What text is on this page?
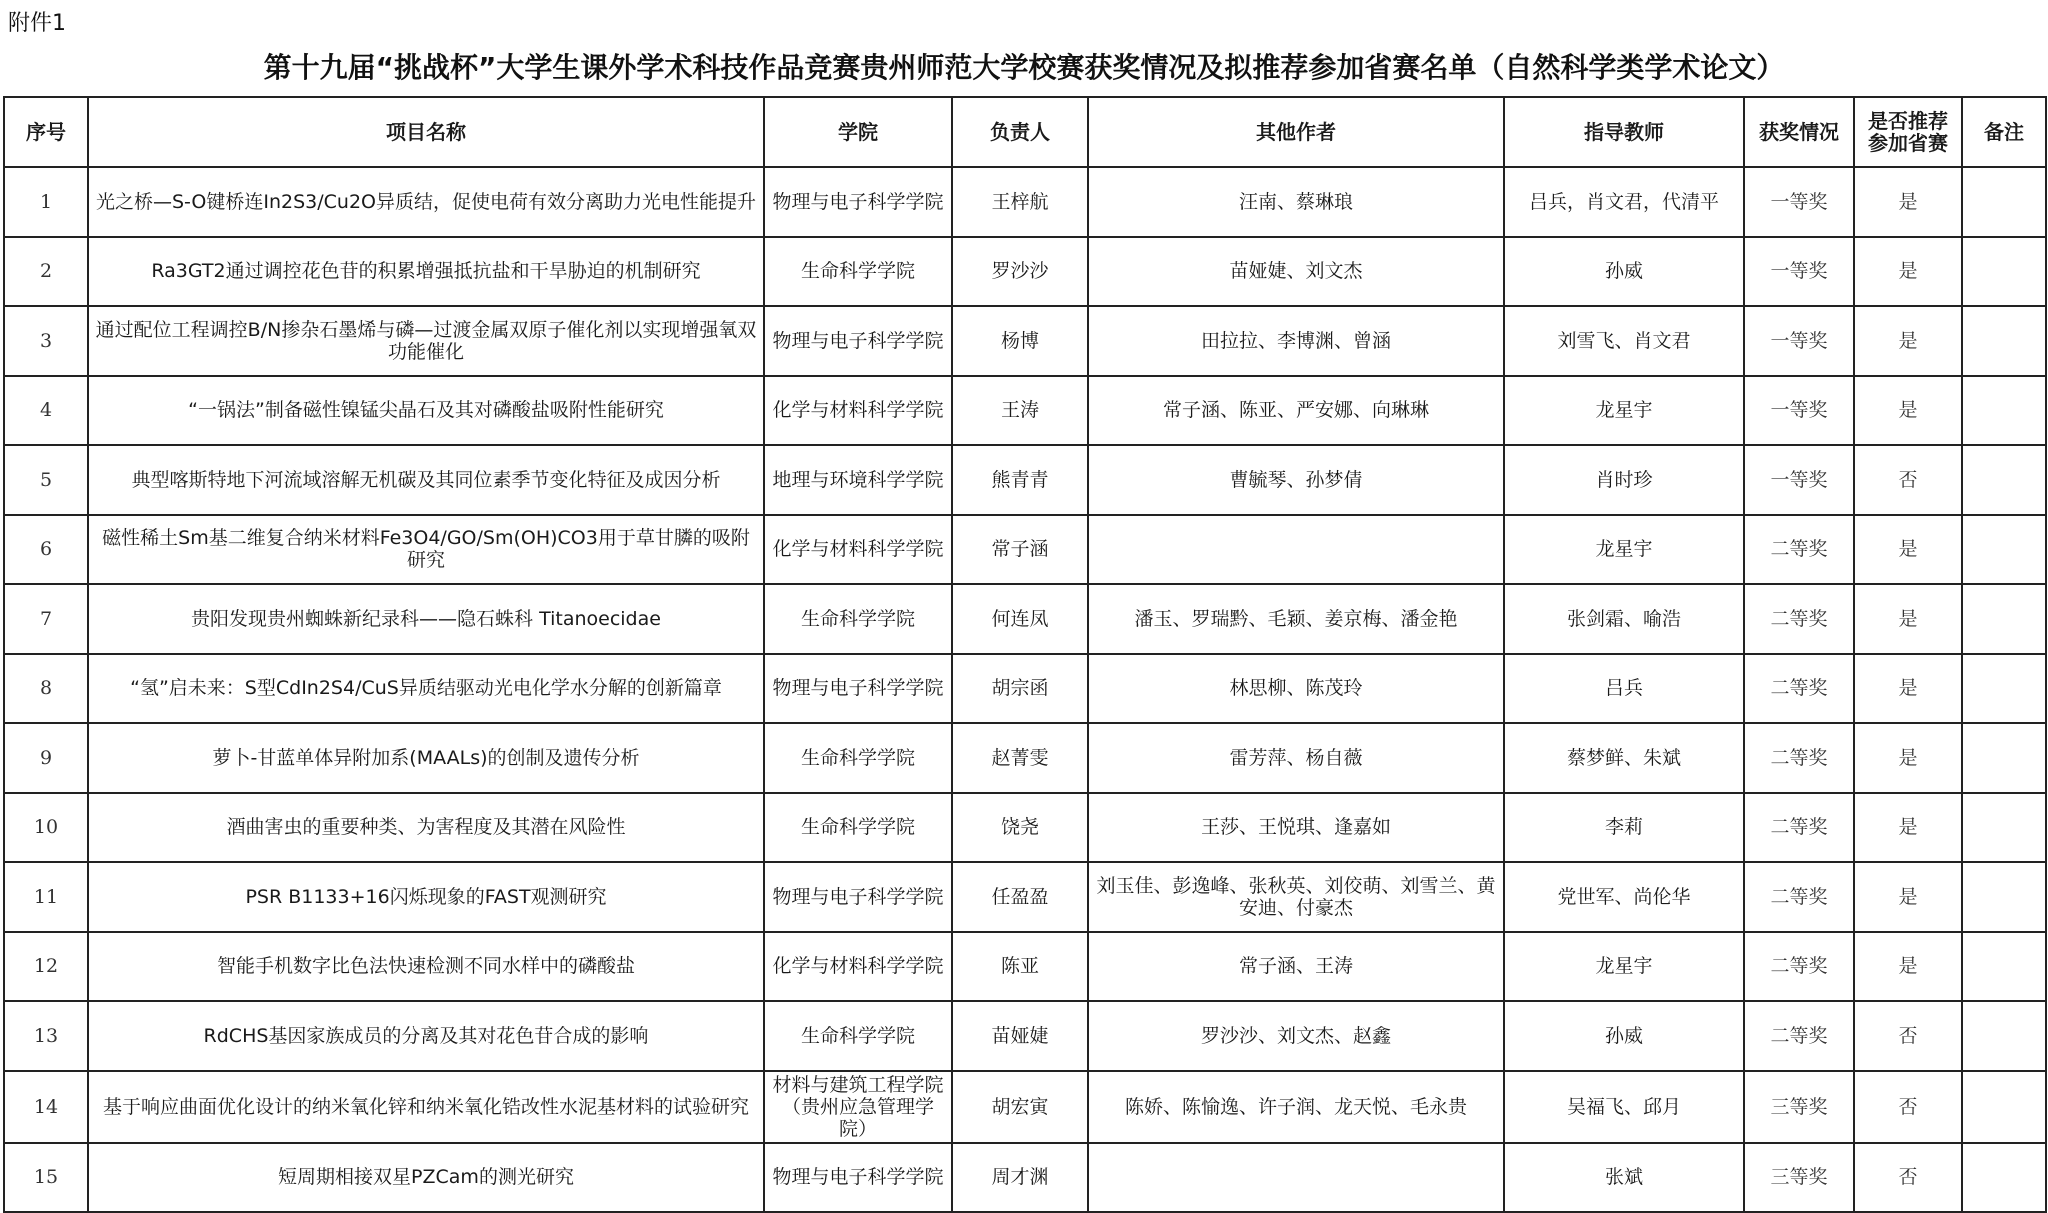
附件1
第十九届“挑战杯”大学生课外学术科技作品竞赛贵州师范大学校赛获奖情况及拟推荐参加省赛名单（自然科学类学术论文）
序号	项目名称	学院	负责人	其他作者	指导教师	获奖情况	是否推荐参加省赛	备注
1	光之桥—S-O键桥连In2S3/Cu2O异质结，促使电荷有效分离助力光电性能提升	物理与电子科学学院	王梓航	汪南、蔡琳琅	吕兵，肖文君，代清平	一等奖	是	
2	Ra3GT2通过调控花色苷的积累增强抵抗盐和干旱胁迫的机制研究	生命科学学院	罗沙沙	苗娅婕、刘文杰	孙威	一等奖	是	
3	通过配位工程调控B/N掺杂石墨烯与磷—过渡金属双原子催化剂以实现增强氧双功能催化	物理与电子科学学院	杨博	田拉拉、李博渊、曾涵	刘雪飞、肖文君	一等奖	是	
4	“一锅法”制备磁性镍锰尖晶石及其对磷酸盐吸附性能研究	化学与材料科学学院	王涛	常子涵、陈亚、严安娜、向琳琳	龙星宇	一等奖	是	
5	典型喀斯特地下河流域溶解无机碳及其同位素季节变化特征及成因分析	地理与环境科学学院	熊青青	曹毓琴、孙梦倩	肖时珍	一等奖	否	
6	磁性稀土Sm基二维复合纳米材料Fe3O4/GO/Sm(OH)CO3用于草甘膦的吸附研究	化学与材料科学学院	常子涵		龙星宇	二等奖	是	
7	贵阳发现贵州蜘蛛新纪录科——隐石蛛科 Titanoecidae	生命科学学院	何连凤	潘玉、罗瑞黔、毛颖、姜京梅、潘金艳	张剑霜、喻浩	二等奖	是	
8	“氢”启未来：S型CdIn2S4/CuS异质结驱动光电化学水分解的创新篇章	物理与电子科学学院	胡宗函	林思柳、陈茂玲	吕兵	二等奖	是	
9	萝卜-甘蓝单体异附加系(MAALs)的创制及遗传分析	生命科学学院	赵菁雯	雷芳萍、杨自薇	蔡梦鲜、朱斌	二等奖	是	
10	酒曲害虫的重要种类、为害程度及其潜在风险性	生命科学学院	饶尧	王莎、王悦琪、逢嘉如	李莉	二等奖	是	
11	PSR B1133+16闪烁现象的FAST观测研究	物理与电子科学学院	任盈盈	刘玉佳、彭逸峰、张秋英、刘佼萌、刘雪兰、黄安迪、付豪杰	党世军、尚伦华	二等奖	是	
12	智能手机数字比色法快速检测不同水样中的磷酸盐	化学与材料科学学院	陈亚	常子涵、王涛	龙星宇	二等奖	是	
13	RdCHS基因家族成员的分离及其对花色苷合成的影响	生命科学学院	苗娅婕	罗沙沙、刘文杰、赵鑫	孙威	二等奖	否	
14	基于响应曲面优化设计的纳米氧化锌和纳米氧化锆改性水泥基材料的试验研究	材料与建筑工程学院（贵州应急管理学院）	胡宏寅	陈娇、陈愉逸、许子润、龙天悦、毛永贵	吴福飞、邱月	三等奖	否	
15	短周期相接双星PZCam的测光研究	物理与电子科学学院	周才渊		张斌	三等奖	否	
